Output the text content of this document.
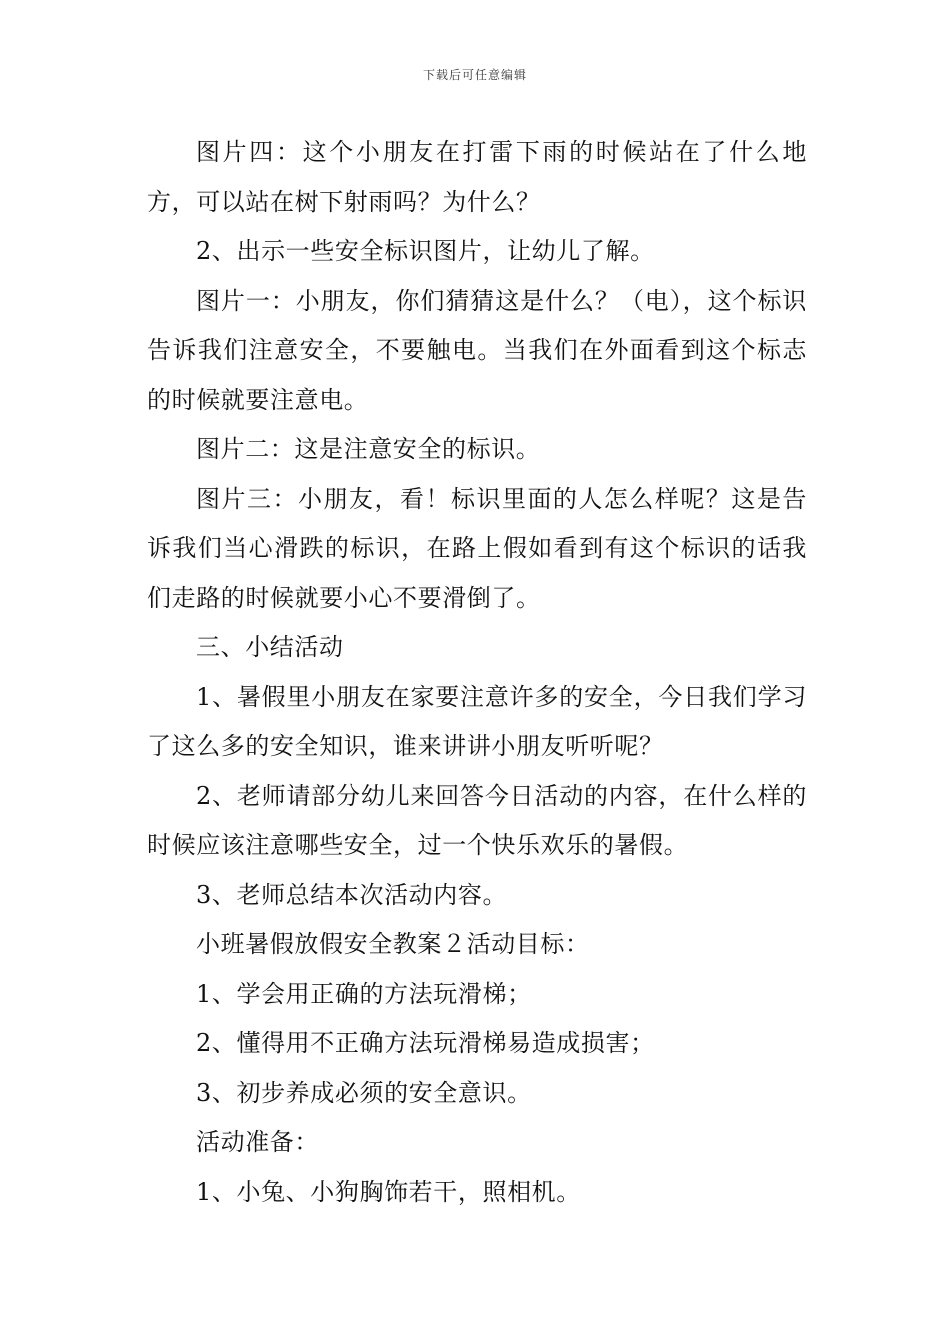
下载后可任意编辑

图片四：这个小朋友在打雷下雨的时候站在了什么地方，可以站在树下射雨吗？为什么？

2、出示一些安全标识图片，让幼儿了解。

图片一：小朋友，你们猜猜这是什么？（电），这个标识告诉我们注意安全，不要触电。当我们在外面看到这个标志的时候就要注意电。

图片二：这是注意安全的标识。

图片三：小朋友，看！标识里面的人怎么样呢？这是告诉我们当心滑跌的标识，在路上假如看到有这个标识的话我们走路的时候就要小心不要滑倒了。

三、小结活动

1、暑假里小朋友在家要注意许多的安全，今日我们学习了这么多的安全知识，谁来讲讲小朋友听听呢？

2、老师请部分幼儿来回答今日活动的内容，在什么样的时候应该注意哪些安全，过一个快乐欢乐的暑假。

3、老师总结本次活动内容。

小班暑假放假安全教案２活动目标：

1、学会用正确的方法玩滑梯；

2、懂得用不正确方法玩滑梯易造成损害；

3、初步养成必须的安全意识。

活动准备：

1、小兔、小狗胸饰若干，照相机。
